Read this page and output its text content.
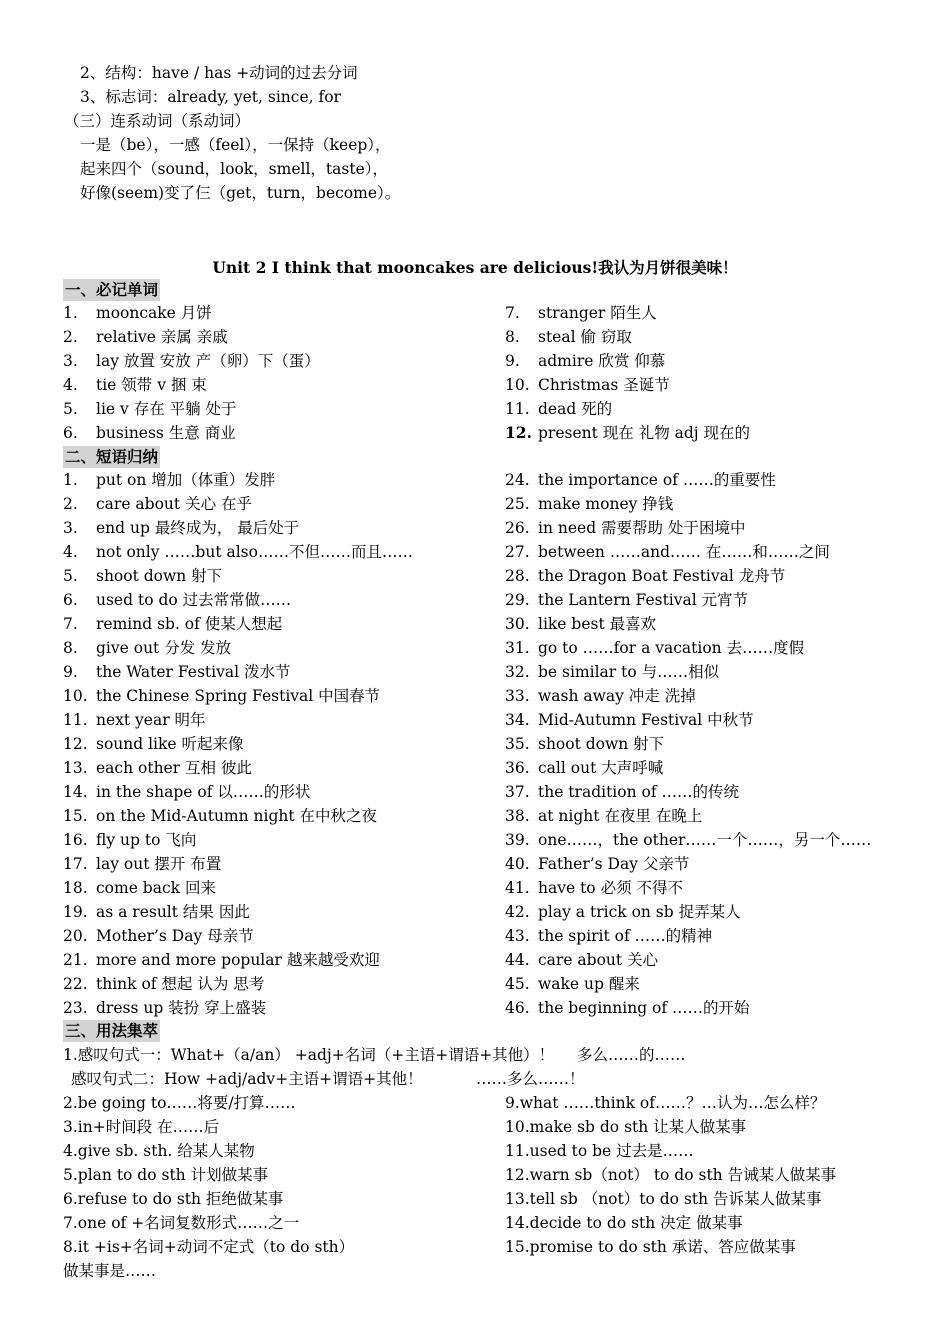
2、结构：have / has +动词的过去分词
3、标志词：already, yet, since, for
（三）连系动词（系动词）
一是（be），一感（feel），一保持（keep），
起来四个（sound，look，smell，taste），
好像(seem)变了仨（get，turn，become）。
Unit 2 I think that mooncakes are delicious!我认为月饼很美味！
一、必记单词
1. mooncake 月饼
2. relative 亲属 亲戚
3. lay 放置 安放 产（卵）下（蛋）
4. tie 领带 v 捆 束
5. lie v 存在 平躺 处于
6. business 生意 商业
7. stranger 陌生人
8. steal 偷 窃取
9. admire 欣赏 仰慕
10. Christmas 圣诞节
11. dead 死的
12. present 现在 礼物 adj 现在的
二、短语归纳
1. put on 增加（体重）发胖
2. care about 关心 在乎
3. end up 最终成为， 最后处于
4. not only ……but also……不但……而且……
5. shoot down 射下
6. used to do 过去常常做……
7. remind sb. of 使某人想起
8. give out 分发 发放
9. the Water Festival 泼水节
10. the Chinese Spring Festival 中国春节
11. next year 明年
12. sound like 听起来像
13. each other 互相 彼此
14. in the shape of 以……的形状
15. on the Mid-Autumn night 在中秋之夜
16. fly up to 飞向
17. lay out 摆开 布置
18. come back 回来
19. as a result 结果 因此
20. Mother’s Day 母亲节
21. more and more popular 越来越受欢迎
22. think of 想起 认为 思考
23. dress up 装扮 穿上盛装
24. the importance of ……的重要性
25. make money 挣钱
26. in need 需要帮助 处于困境中
27. between ……and…… 在……和……之间
28. the Dragon Boat Festival 龙舟节
29. the Lantern Festival 元宵节
30. like best 最喜欢
31. go to ……for a vacation 去……度假
32. be similar to 与……相似
33. wash away 冲走 洗掉
34. Mid-Autumn Festival 中秋节
35. shoot down 射下
36. call out 大声呼喊
37. the tradition of ……的传统
38. at night 在夜里 在晚上
39. one……，the other……一个……，另一个……
40. Father’s Day 父亲节
41. have to 必须 不得不
42. play a trick on sb 捉弄某人
43. the spirit of ……的精神
44. care about 关心
45. wake up 醒来
46. the beginning of ……的开始
三、用法集萃
1.感叹句式一：What+（a/an） +adj+名词（+主语+谓语+其他）！ 多么……的……
感叹句式二：How +adj/adv+主语+谓语+其他！	……多么……！
2.be going to……将要/打算……
3.in+时间段 在……后
4.give sb. sth. 给某人某物
5.plan to do sth 计划做某事
6.refuse to do sth 拒绝做某事
7.one of +名词复数形式……之一
8.it +is+名词+动词不定式（to do sth）
做某事是……
9.what ……think of……？…认为…怎么样？
10.make sb do sth 让某人做某事
11.used to be 过去是……
12.warn sb（not） to do sth 告诫某人做某事
13.tell sb （not）to do sth 告诉某人做某事
14.decide to do sth 决定 做某事
15.promise to do sth 承诺、答应做某事
